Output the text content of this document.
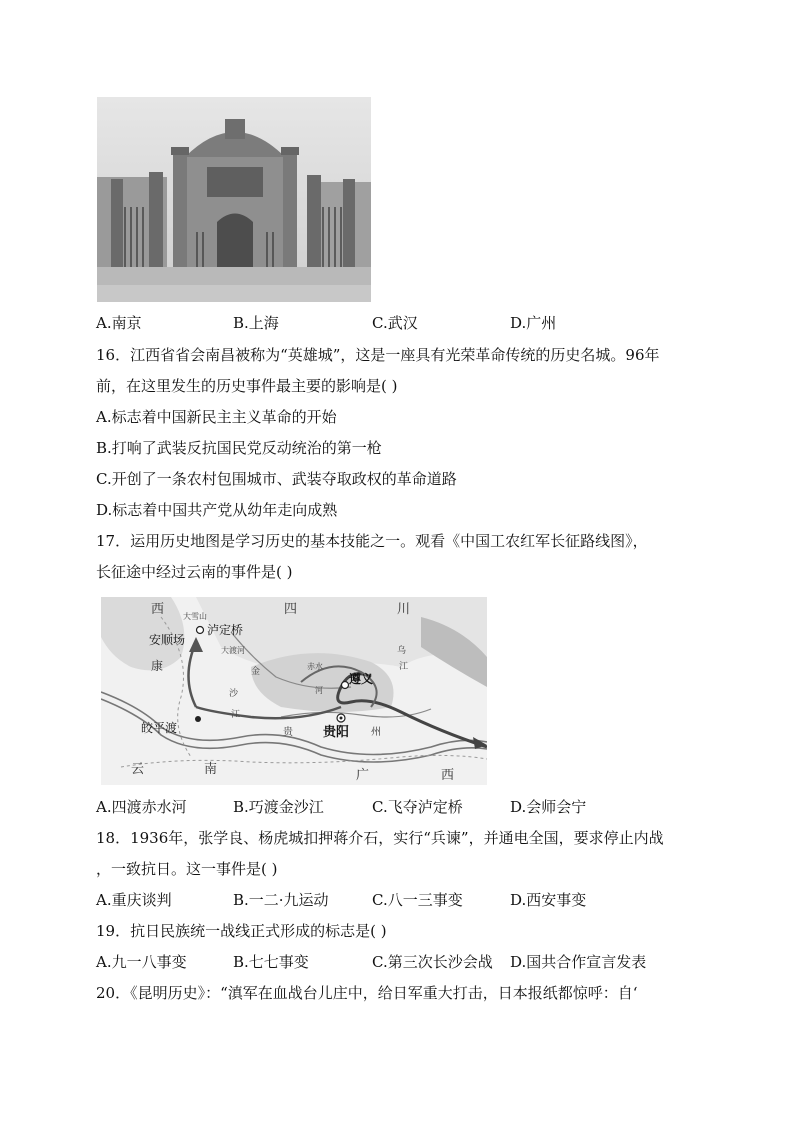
A.南京	B.上海	C.武汉	D.广州
16．江西省省会南昌被称为“英雄城”，这是一座具有光荣革命传统的历史名城。96年
前，在这里发生的历史事件最主要的影响是( )
A.标志着中国新民主主义革命的开始
B.打响了武装反抗国民党反动统治的第一枪
C.开创了一条农村包围城市、武装夺取政权的革命道路
D.标志着中国共产党从幼年走向成熟
17．运用历史地图是学习历史的基本技能之一。观看《中国工农红军长征路线图》，
长征途中经过云南的事件是( )
西	四	川
大雪山
泸定桥
安顺场
大渡河
康	金
沙
江
乌
江
赤水
河
遵义
皎平渡	贵 贵阳 州
云	南	广	西
A.四渡赤水河	B.巧渡金沙江	C.飞夺泸定桥	D.会师会宁
18．1936年，张学良、杨虎城扣押蒋介石，实行“兵谏”，并通电全国，要求停止内战
，一致抗日。这一事件是( )
A.重庆谈判	B.一二·九运动	C.八一三事变	D.西安事变
19．抗日民族统一战线正式形成的标志是( )
A.九一八事变	B.七七事变	C.第三次长沙会战 D.国共合作宣言发表
20．《昆明历史》：“滇军在血战台儿庄中，给日军重大打击，日本报纸都惊呼：自‘
